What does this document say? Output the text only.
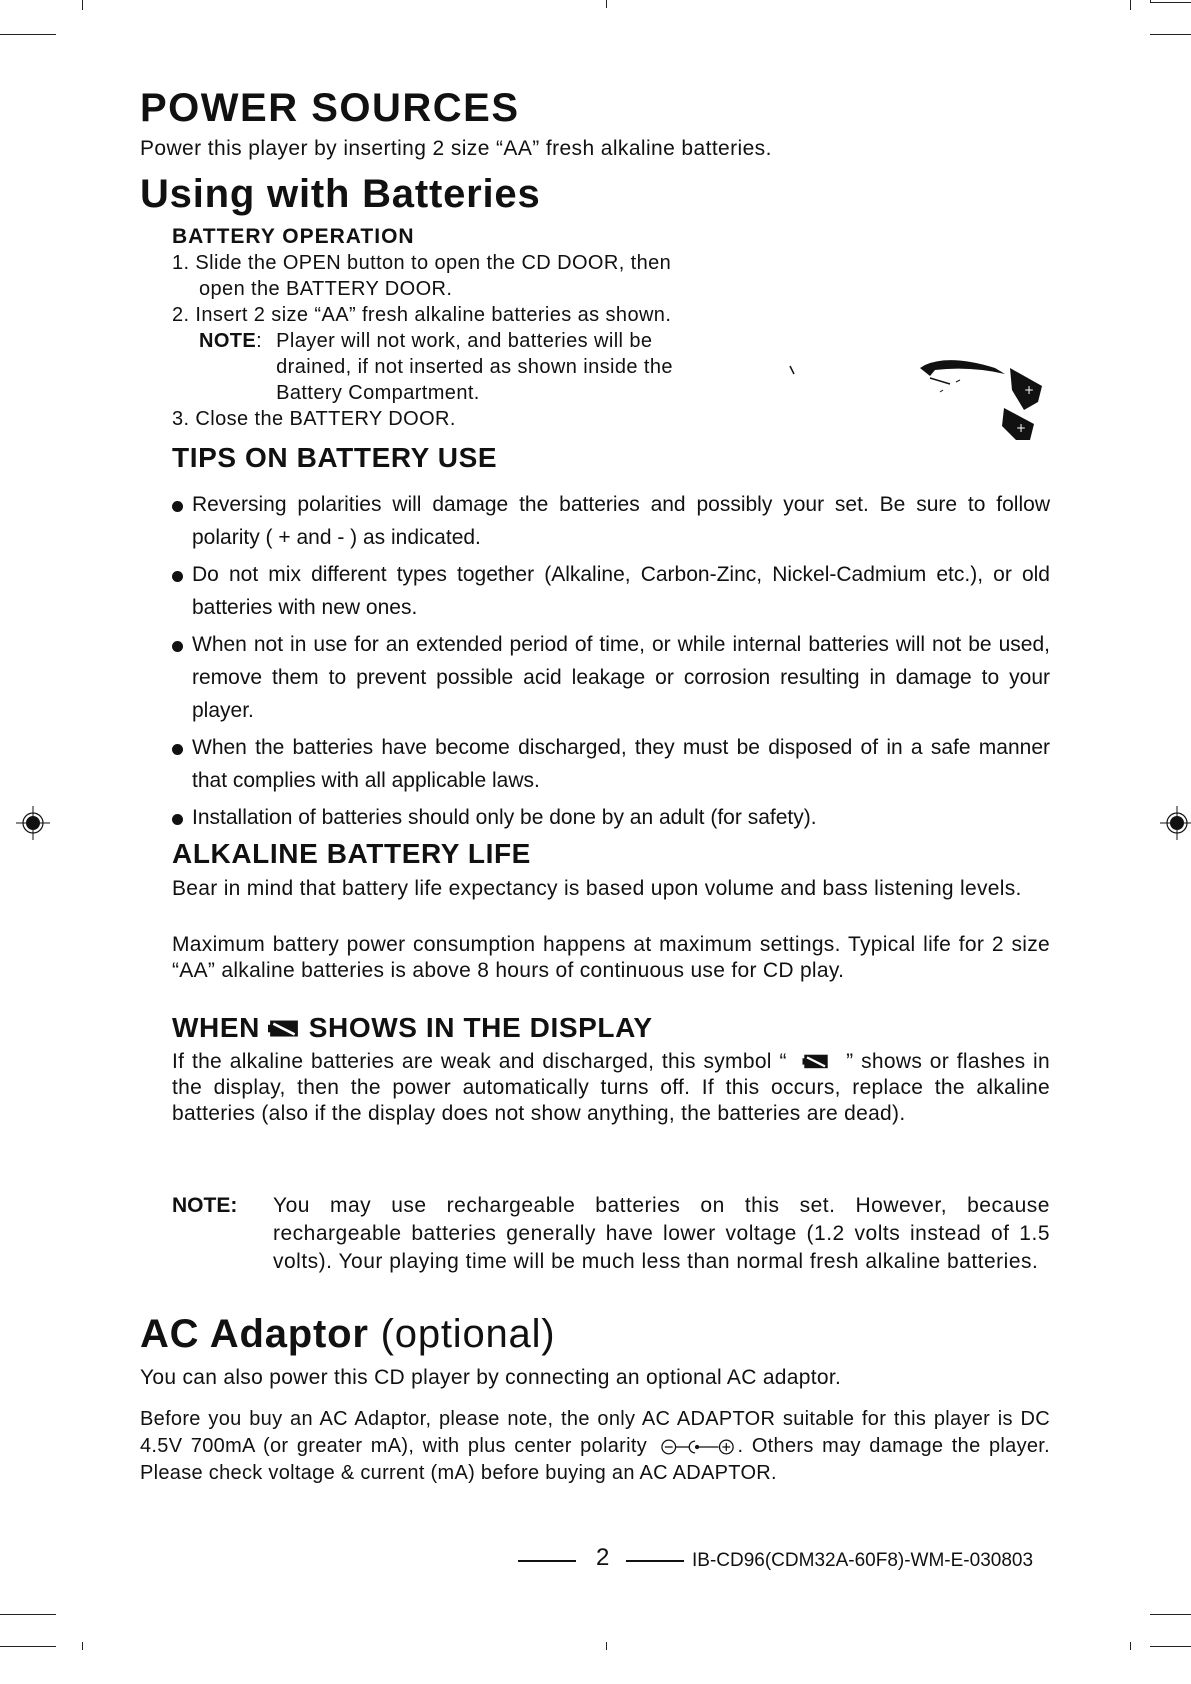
POWER SOURCES
Power this player by inserting 2 size “AA” fresh alkaline batteries.
Using with Batteries
BATTERY OPERATION
1. Slide the OPEN button to open the CD DOOR, then
open the BATTERY DOOR.
2. Insert 2 size “AA” fresh alkaline batteries as shown.
NOTE: Player will not work, and batteries will be
drained, if not inserted as shown inside the
Battery Compartment.
3. Close the BATTERY DOOR.
+
+
TIPS ON BATTERY USE
Reversing polarities will damage the batteries and possibly your set. Be sure to follow polarity ( + and - ) as indicated.
Do not mix different types together (Alkaline, Carbon-Zinc, Nickel-Cadmium etc.), or old batteries with new ones.
When not in use for an extended period of time, or while internal batteries will not be used, remove them to prevent possible acid leakage or corrosion resulting in damage to your player.
When the batteries have become discharged, they must be disposed of in a safe manner that complies with all applicable laws.
Installation of batteries should only be done by an adult (for safety).
ALKALINE BATTERY LIFE
Bear in mind that battery life expectancy is based upon volume and bass listening levels.
Maximum battery power consumption happens at maximum settings. Typical life for 2 size “AA” alkaline batteries is above 8 hours of continuous use for CD play.
WHEN SHOWS IN THE DISPLAY
If the alkaline batteries are weak and discharged, this symbol “	” shows or flashes in the display, then the power automatically turns off. If this occurs, replace the alkaline batteries (also if the display does not show anything, the batteries are dead).
NOTE:	You may use rechargeable batteries on this set. However, because rechargeable batteries generally have lower voltage (1.2 volts instead of 1.5 volts). Your playing time will be much less than normal fresh alkaline batteries.
AC Adaptor (optional)
You can also power this CD player by connecting an optional AC adaptor.
Before you buy an AC Adaptor, please note, the only AC ADAPTOR suitable for this player is DC 4.5V 700mA (or greater mA), with plus center polarity	. Others may damage the player. Please check voltage & current (mA) before buying an AC ADAPTOR.
2	IB-CD96(CDM32A-60F8)-WM-E-030803
